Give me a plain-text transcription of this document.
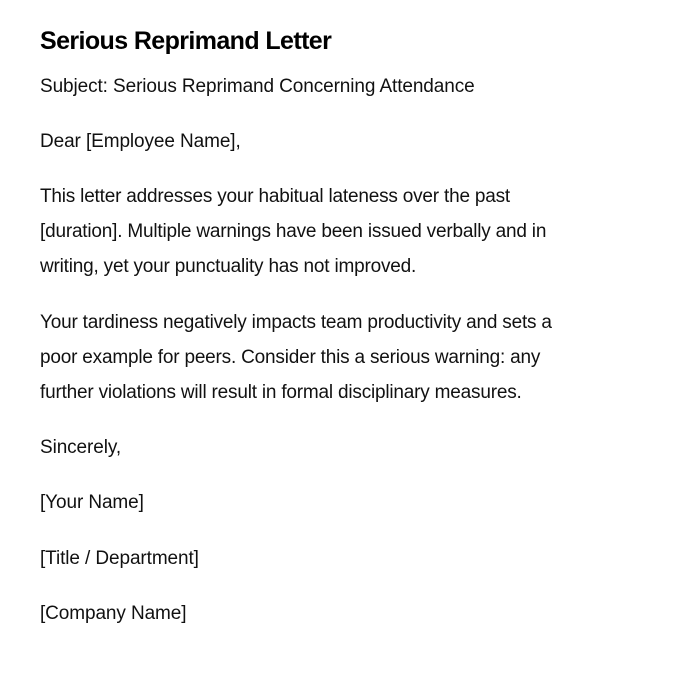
Serious Reprimand Letter

Subject: Serious Reprimand Concerning Attendance

Dear [Employee Name],

This letter addresses your habitual lateness over the past
[duration]. Multiple warnings have been issued verbally and in
writing, yet your punctuality has not improved.
Your tardiness negatively impacts team productivity and sets a
poor example for peers. Consider this a serious warning: any
further violations will result in formal disciplinary measures.

Sincerely,

[Your Name]

[Title / Department]

[Company Name]
